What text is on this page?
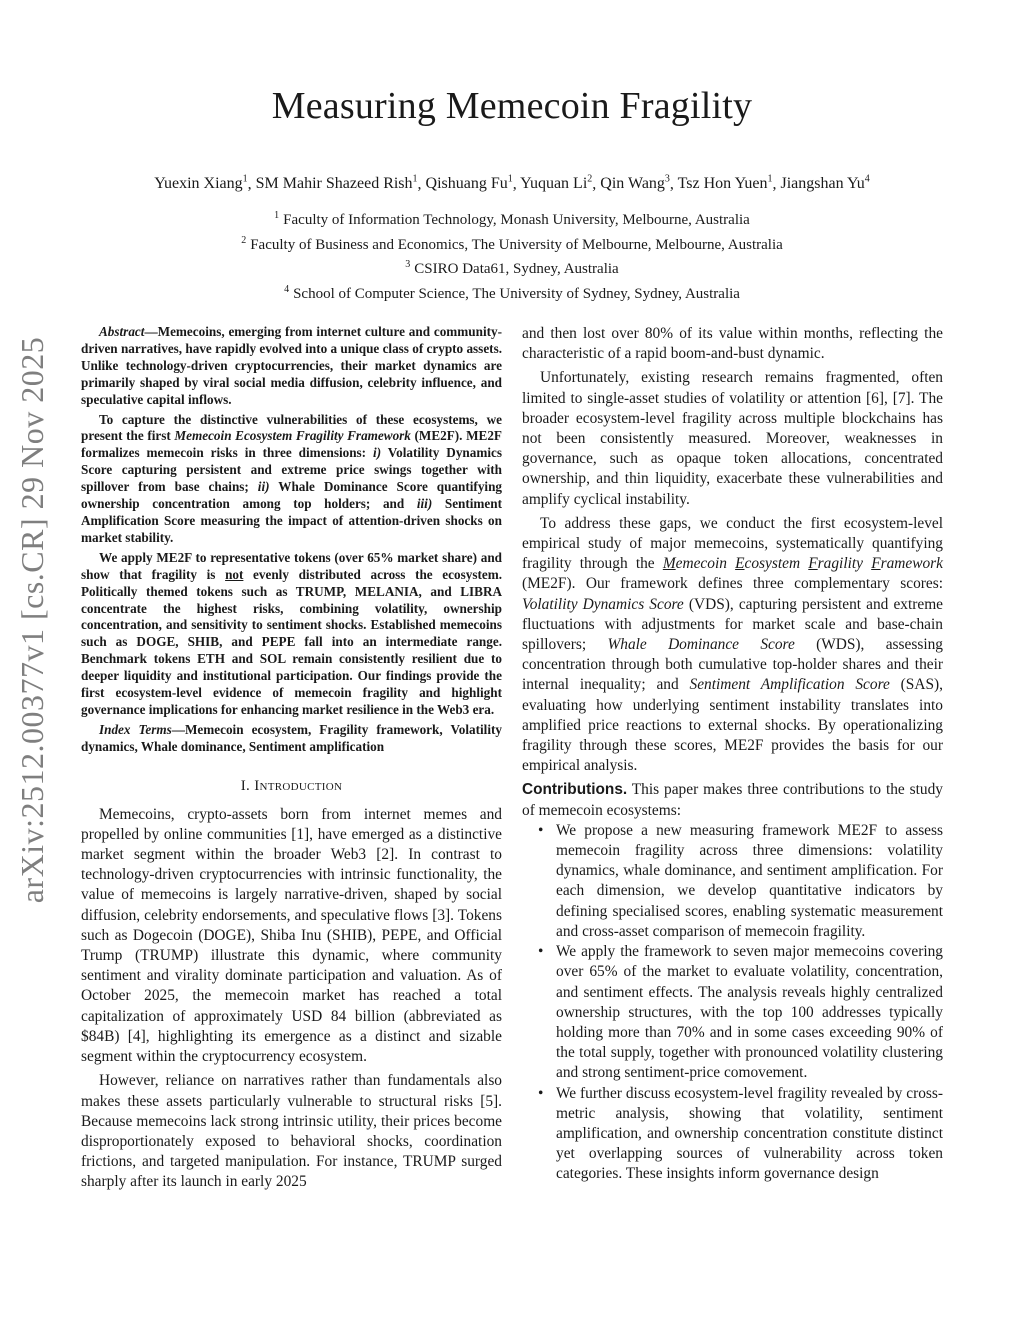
Measuring Memecoin Fragility
Yuexin Xiang$^1$, SM Mahir Shazeed Rish$^1$, Qishuang Fu$^1$, Yuquan Li$^2$, Qin Wang$^3$, Tsz Hon Yuen$^1$, Jiangshan Yu$^4$
$^1$ Faculty of Information Technology, Monash University, Melbourne, Australia
$^2$ Faculty of Business and Economics, The University of Melbourne, Melbourne, Australia
$^3$ CSIRO Data61, Sydney, Australia
$^4$ School of Computer Science, The University of Sydney, Sydney, Australia
arXiv:2512.00377v1 [cs.CR] 29 Nov 2025

Abstract—Memecoins, emerging from internet culture and community-driven narratives, have rapidly evolved into a unique class of crypto assets. Unlike technology-driven cryptocurrencies, their market dynamics are primarily shaped by viral social media diffusion, celebrity influence, and speculative capital inflows.

To capture the distinctive vulnerabilities of these ecosystems, we present the first Memecoin Ecosystem Fragility Framework (ME2F). ME2F formalizes memecoin risks in three dimensions: i) Volatility Dynamics Score capturing persistent and extreme price swings together with spillover from base chains; ii) Whale Dominance Score quantifying ownership concentration among top holders; and iii) Sentiment Amplification Score measuring the impact of attention-driven shocks on market stability.

We apply ME2F to representative tokens (over 65% market share) and show that fragility is not evenly distributed across the ecosystem. Politically themed tokens such as TRUMP, MELANIA, and LIBRA concentrate the highest risks, combining volatility, ownership concentration, and sensitivity to sentiment shocks. Established memecoins such as DOGE, SHIB, and PEPE fall into an intermediate range. Benchmark tokens ETH and SOL remain consistently resilient due to deeper liquidity and institutional participation. Our findings provide the first ecosystem-level evidence of memecoin fragility and highlight governance implications for enhancing market resilience in the Web3 era.

Index Terms—Memecoin ecosystem, Fragility framework, Volatility dynamics, Whale dominance, Sentiment amplification

I. Introduction

Memecoins, crypto-assets born from internet memes and propelled by online communities [1], have emerged as a distinctive market segment within the broader Web3 [2]. In contrast to technology-driven cryptocurrencies with intrinsic functionality, the value of memecoins is largely narrative-driven, shaped by social diffusion, celebrity endorsements, and speculative flows [3]. Tokens such as Dogecoin (DOGE), Shiba Inu (SHIB), PEPE, and Official Trump (TRUMP) illustrate this dynamic, where community sentiment and virality dominate participation and valuation. As of October 2025, the memecoin market has reached a total capitalization of approximately USD 84 billion (abbreviated as $84B) [4], highlighting its emergence as a distinct and sizable segment within the cryptocurrency ecosystem.

However, reliance on narratives rather than fundamentals also makes these assets particularly vulnerable to structural risks [5]. Because memecoins lack strong intrinsic utility, their prices become disproportionately exposed to behavioral shocks, coordination frictions, and targeted manipulation. For instance, TRUMP surged sharply after its launch in early 2025

and then lost over 80% of its value within months, reflecting the characteristic of a rapid boom-and-bust dynamic.

Unfortunately, existing research remains fragmented, often limited to single-asset studies of volatility or attention [6], [7]. The broader ecosystem-level fragility across multiple blockchains has not been consistently measured. Moreover, weaknesses in governance, such as opaque token allocations, concentrated ownership, and thin liquidity, exacerbate these vulnerabilities and amplify cyclical instability.

To address these gaps, we conduct the first ecosystem-level empirical study of major memecoins, systematically quantifying fragility through the Memecoin Ecosystem Fragility Framework (ME2F). Our framework defines three complementary scores: Volatility Dynamics Score (VDS), capturing persistent and extreme fluctuations with adjustments for market scale and base-chain spillovers; Whale Dominance Score (WDS), assessing concentration through both cumulative top-holder shares and their internal inequality; and Sentiment Amplification Score (SAS), evaluating how underlying sentiment instability translates into amplified price reactions to external shocks. By operationalizing fragility through these scores, ME2F provides the basis for our empirical analysis.

Contributions. This paper makes three contributions to the study of memecoin ecosystems:

• We propose a new measuring framework ME2F to assess memecoin fragility across three dimensions: volatility dynamics, whale dominance, and sentiment amplification. For each dimension, we develop quantitative indicators by defining specialised scores, enabling systematic measurement and cross-asset comparison of memecoin fragility.
• We apply the framework to seven major memecoins covering over 65% of the market to evaluate volatility, concentration, and sentiment effects. The analysis reveals highly centralized ownership structures, with the top 100 addresses typically holding more than 70% and in some cases exceeding 90% of the total supply, together with pronounced volatility clustering and strong sentiment-price comovement.
• We further discuss ecosystem-level fragility revealed by cross-metric analysis, showing that volatility, sentiment amplification, and ownership concentration constitute distinct yet overlapping sources of vulnerability across token categories. These insights inform governance design
